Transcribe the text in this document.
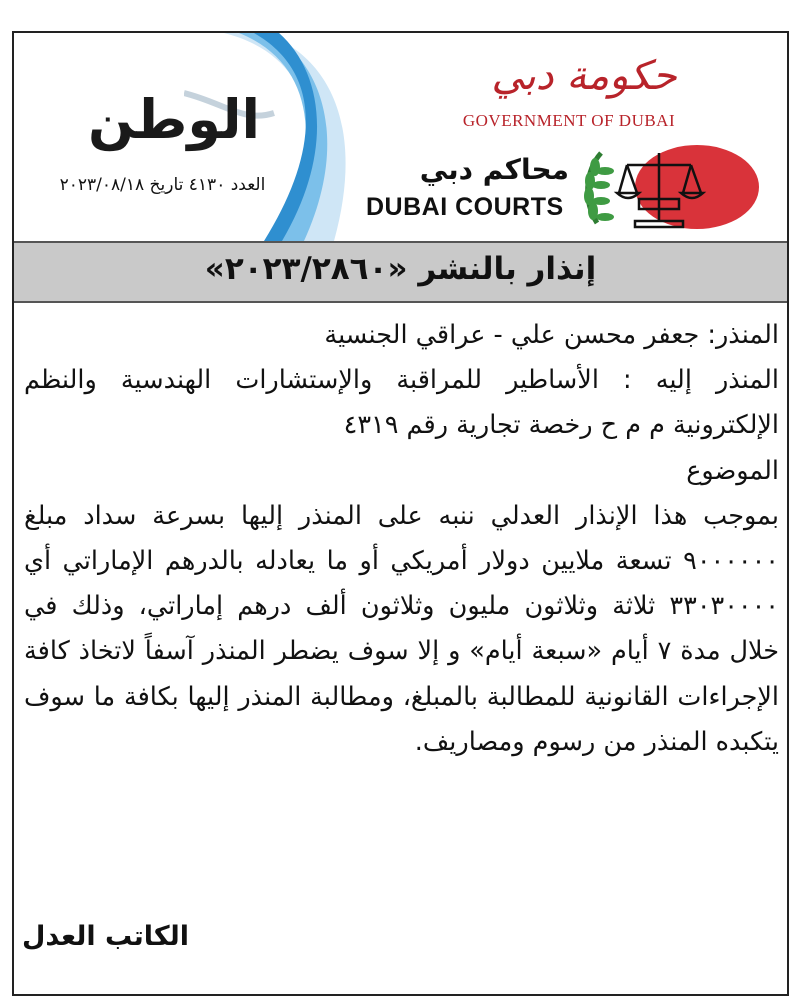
الوطن
العدد ٤١٣٠ تاريخ ٢٠٢٣/٠٨/١٨
حكومة دبي
GOVERNMENT OF DUBAI
محاكم دبي
DUBAI COURTS
إنذار بالنشر «٢٠٢٣/٢٨٦٠»

المنذر: جعفر محسن علي - عراقي الجنسية

المنذر إليه : الأساطير للمراقبة والإستشارات الهندسية والنظم الإلكترونية م م ح رخصة تجارية رقم ٤٣١٩

الموضوع

بموجب هذا الإنذار العدلي ننبه على المنذر إليها بسرعة سداد مبلغ ٩٠٠٠٠٠٠ تسعة ملايين دولار أمريكي أو ما يعادله بالدرهم الإماراتي أي ٣٣٠٣٠٠٠٠ ثلاثة وثلاثون مليون وثلاثون ألف درهم إماراتي، وذلك في خلال مدة ٧ أيام «سبعة أيام» و إلا سوف يضطر المنذر آسفاً لاتخاذ كافة الإجراءات القانونية للمطالبة بالمبلغ، ومطالبة المنذر إليها بكافة ما سوف يتكبده المنذر من رسوم ومصاريف.

الكاتب العدل
